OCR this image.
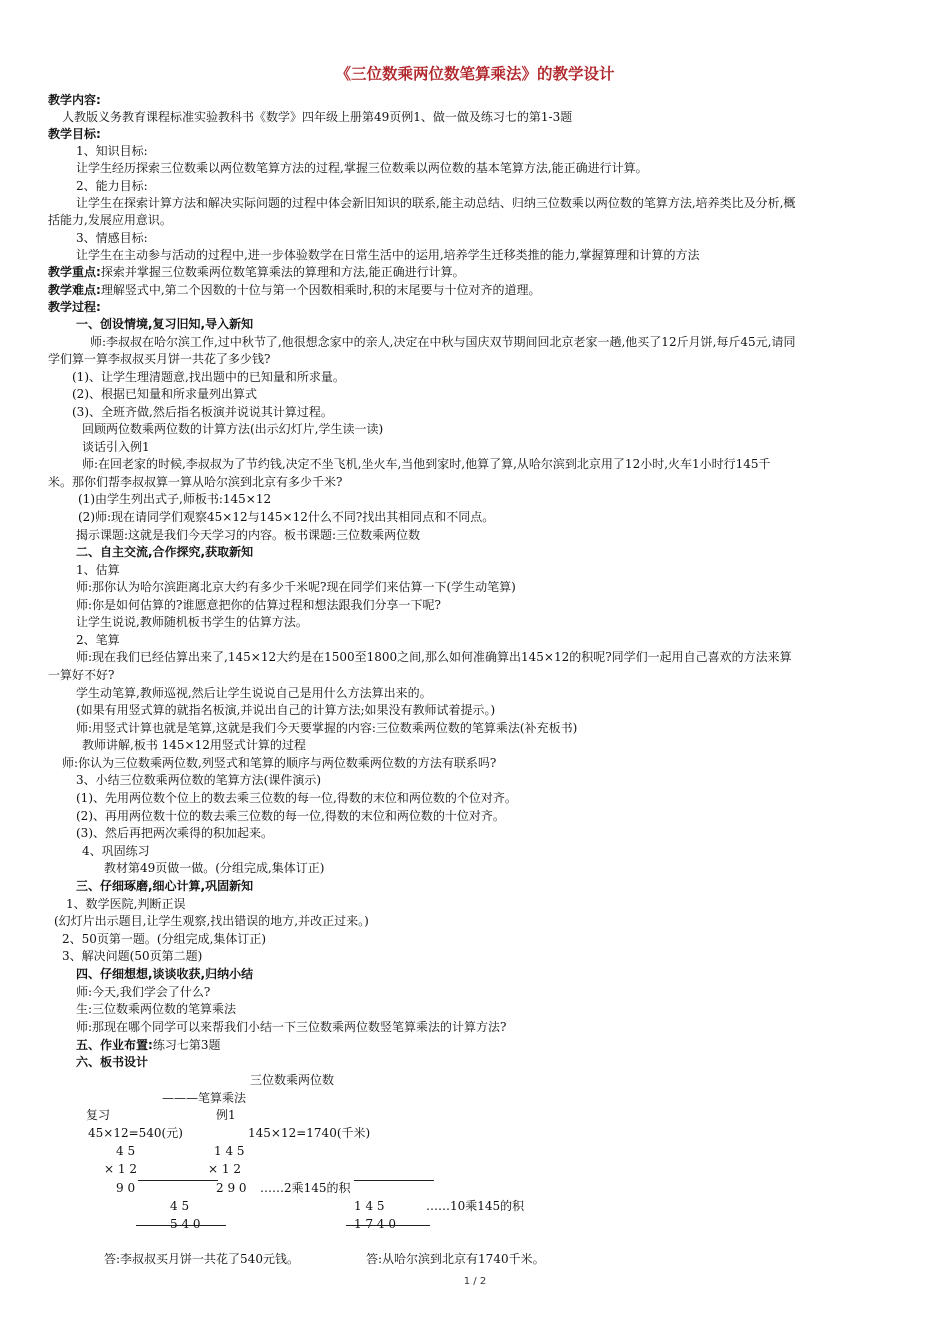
《三位数乘两位数笔算乘法》的教学设计
教学内容:
人教版义务教育课程标准实验教科书《数学》四年级上册第49页例1、做一做及练习七的第1-3题
教学目标:
1、知识目标:
让学生经历探索三位数乘以两位数笔算方法的过程,掌握三位数乘以两位数的基本笔算方法,能正确进行计算。
2、能力目标:
让学生在探索计算方法和解决实际问题的过程中体会新旧知识的联系,能主动总结、归纳三位数乘以两位数的笔算方法,培养类比及分析,概
括能力,发展应用意识。
3、情感目标:
让学生在主动参与活动的过程中,进一步体验数学在日常生活中的运用,培养学生迁移类推的能力,掌握算理和计算的方法
教学重点:探索并掌握三位数乘两位数笔算乘法的算理和方法,能正确进行计算。
教学难点:理解竖式中,第二个因数的十位与第一个因数相乘时,积的末尾要与十位对齐的道理。
教学过程:
一、创设情境,复习旧知,导入新知
师:李叔叔在哈尔滨工作,过中秋节了,他很想念家中的亲人,决定在中秋与国庆双节期间回北京老家一趟,他买了12斤月饼,每斤45元,请同
学们算一算李叔叔买月饼一共花了多少钱?
(1)、让学生理清题意,找出题中的已知量和所求量。
(2)、根据已知量和所求量列出算式
(3)、全班齐做,然后指名板演并说说其计算过程。
回顾两位数乘两位数的计算方法(出示幻灯片,学生读一读)
谈话引入例1
师:在回老家的时候,李叔叔为了节约钱,决定不坐飞机,坐火车,当他到家时,他算了算,从哈尔滨到北京用了12小时,火车1小时行145千
米。那你们帮李叔叔算一算从哈尔滨到北京有多少千米?
(1)由学生列出式子,师板书:145×12
(2)师:现在请同学们观察45×12与145×12什么不同?找出其相同点和不同点。
揭示课题:这就是我们今天学习的内容。板书课题:三位数乘两位数
二、自主交流,合作探究,获取新知
1、估算
师:那你认为哈尔滨距离北京大约有多少千米呢?现在同学们来估算一下(学生动笔算)
师:你是如何估算的?谁愿意把你的估算过程和想法跟我们分享一下呢?
让学生说说,教师随机板书学生的估算方法。
2、笔算
师:现在我们已经估算出来了,145×12大约是在1500至1800之间,那么如何准确算出145×12的积呢?同学们一起用自己喜欢的方法来算
一算好不好?
学生动笔算,教师巡视,然后让学生说说自己是用什么方法算出来的。
(如果有用竖式算的就指名板演,并说出自己的计算方法;如果没有教师试着提示。)
师:用竖式计算也就是笔算,这就是我们今天要掌握的内容:三位数乘两位数的笔算乘法(补充板书)
教师讲解,板书 145×12用竖式计算的过程
师:你认为三位数乘两位数,列竖式和笔算的顺序与两位数乘两位数的方法有联系吗?
3、小结三位数乘两位数的笔算方法(课件演示)
(1)、先用两位数个位上的数去乘三位数的每一位,得数的末位和两位数的个位对齐。
(2)、再用两位数十位的数去乘三位数的每一位,得数的末位和两位数的十位对齐。
(3)、然后再把两次乘得的积加起来。
4、巩固练习
教材第49页做一做。(分组完成,集体订正)
三、仔细琢磨,细心计算,巩固新知
1、数学医院,判断正误
(幻灯片出示题目,让学生观察,找出错误的地方,并改正过来。)
2、50页第一题。(分组完成,集体订正)
3、解决问题(50页第二题)
四、仔细想想,谈谈收获,归纳小结
师:今天,我们学会了什么?
生:三位数乘两位数的笔算乘法
师:那现在哪个同学可以来帮我们小结一下三位数乘两位数竖笔算乘法的计算方法?
五、作业布置:练习七第3题
六、板书设计
三位数乘两位数
———笔算乘法
复习	例1
45×12=540(元)	145×12=1740(千米)
4 5
× 1 2
9 0
4 5
5 4 0
1 4 5
× 1 2
2 9 0 ……2乘145的积
1 4 5	……10乘145的积
1 7 4 0
答:李叔叔买月饼一共花了540元钱。	答:从哈尔滨到北京有1740千米。
1 / 2
